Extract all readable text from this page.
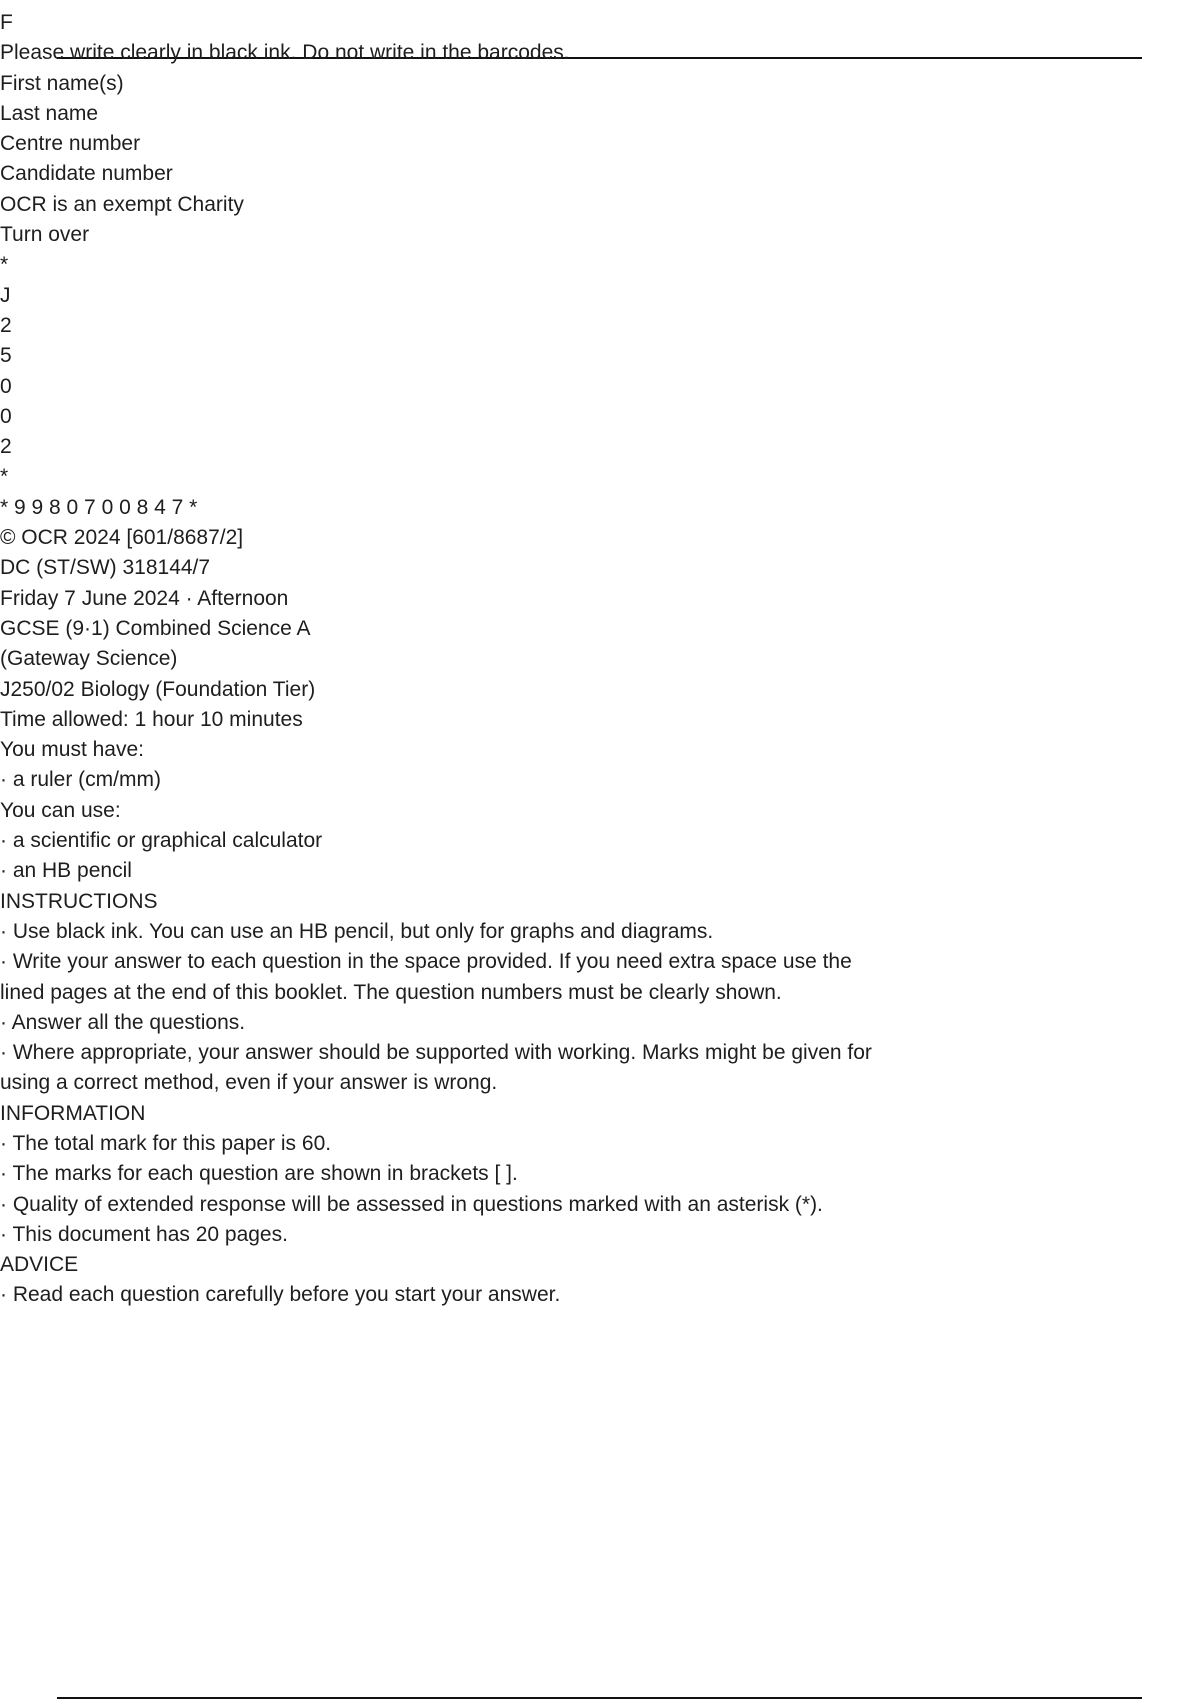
F
Please write clearly in black ink. Do not write in the barcodes.
First name(s)
Last name
Centre number
Candidate number
OCR is an exempt Charity
Turn over
*
J
2
5
0
0
2
*
* 9 9 8 0 7 0 0 8 4 7 *
© OCR 2024 [601/8687/2]
DC (ST/SW) 318144/7
Friday 7 June 2024 · Afternoon
GCSE (9·1) Combined Science A
(Gateway Science)
J250/02 Biology (Foundation Tier)
Time allowed: 1 hour 10 minutes
You must have:
· a ruler (cm/mm)
You can use:
· a scientific or graphical calculator
· an HB pencil
INSTRUCTIONS
· Use black ink. You can use an HB pencil, but only for graphs and diagrams.
· Write your answer to each question in the space provided. If you need extra space use the lined pages at the end of this booklet. The question numbers must be clearly shown.
· Answer all the questions.
· Where appropriate, your answer should be supported with working. Marks might be given for using a correct method, even if your answer is wrong.
INFORMATION
· The total mark for this paper is 60.
· The marks for each question are shown in brackets [ ].
· Quality of extended response will be assessed in questions marked with an asterisk (*).
· This document has 20 pages.
ADVICE
· Read each question carefully before you start your answer.
